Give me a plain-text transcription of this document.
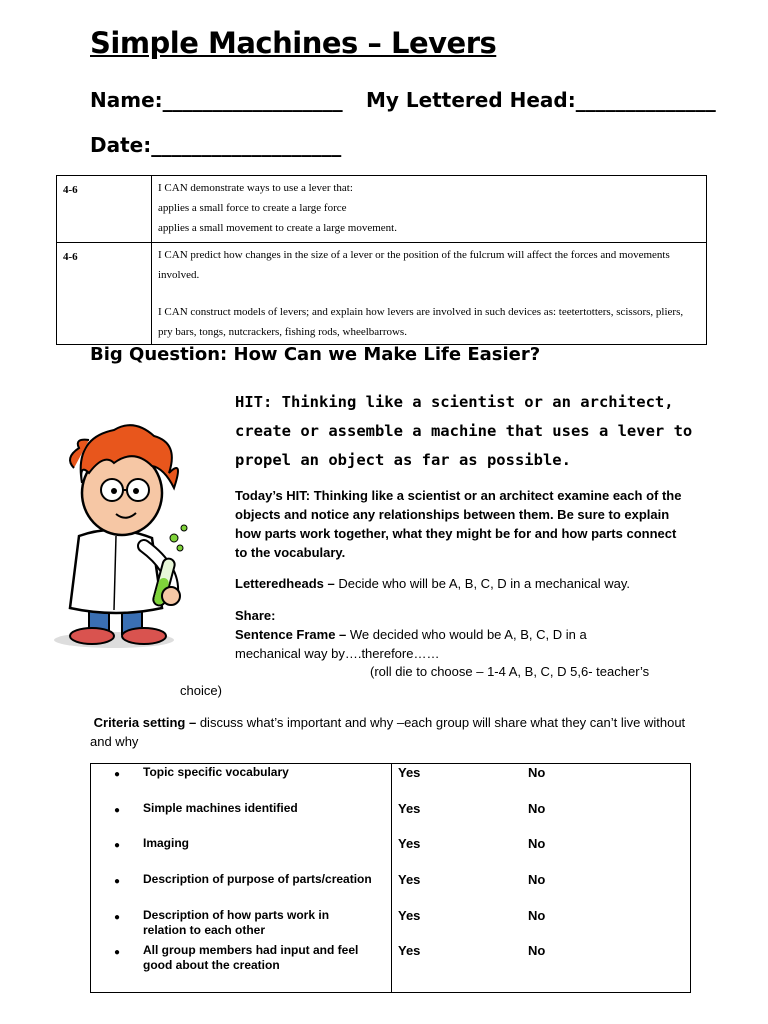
Simple Machines – Levers
Name:__________________ My Lettered Head:______________
Date:___________________
4-6	I CAN demonstrate ways to use a lever that:
applies a small force to create a large force
applies a small movement to create a large movement.

4-6	I CAN predict how changes in the size of a lever or the position of the fulcrum will affect the forces and movements involved.
I CAN construct models of levers; and explain how levers are involved in such devices as: teetertotters, scissors, pliers, pry bars, tongs, nutcrackers, fishing rods, wheelbarrows.
Big Question: How Can we Make Life Easier?
HIT: Thinking like a scientist or an architect, create or assemble a machine that uses a lever to propel an object as far as possible.
Today’s HIT: Thinking like a scientist or an architect examine each of the objects and notice any relationships between them. Be sure to explain how parts work together, what they might be for and how parts connect to the vocabulary.
Letteredheads – Decide who will be A, B, C, D in a mechanical way.
Share:
Sentence Frame – We decided who would be A, B, C, D in a mechanical way by….therefore……
(roll die to choose – 1-4 A, B, C, D 5,6- teacher’s
choice)
Criteria setting – discuss what’s important and why –each group will share what they can’t live without and why
● Topic specific vocabulary	Yes	No

● Simple machines identified	Yes	No

● Imaging	Yes	No

● Description of purpose of parts/creation	Yes	No

● Description of how parts work in relation to each other	Yes	No

● All group members had input and feel good about the creation	Yes	No
